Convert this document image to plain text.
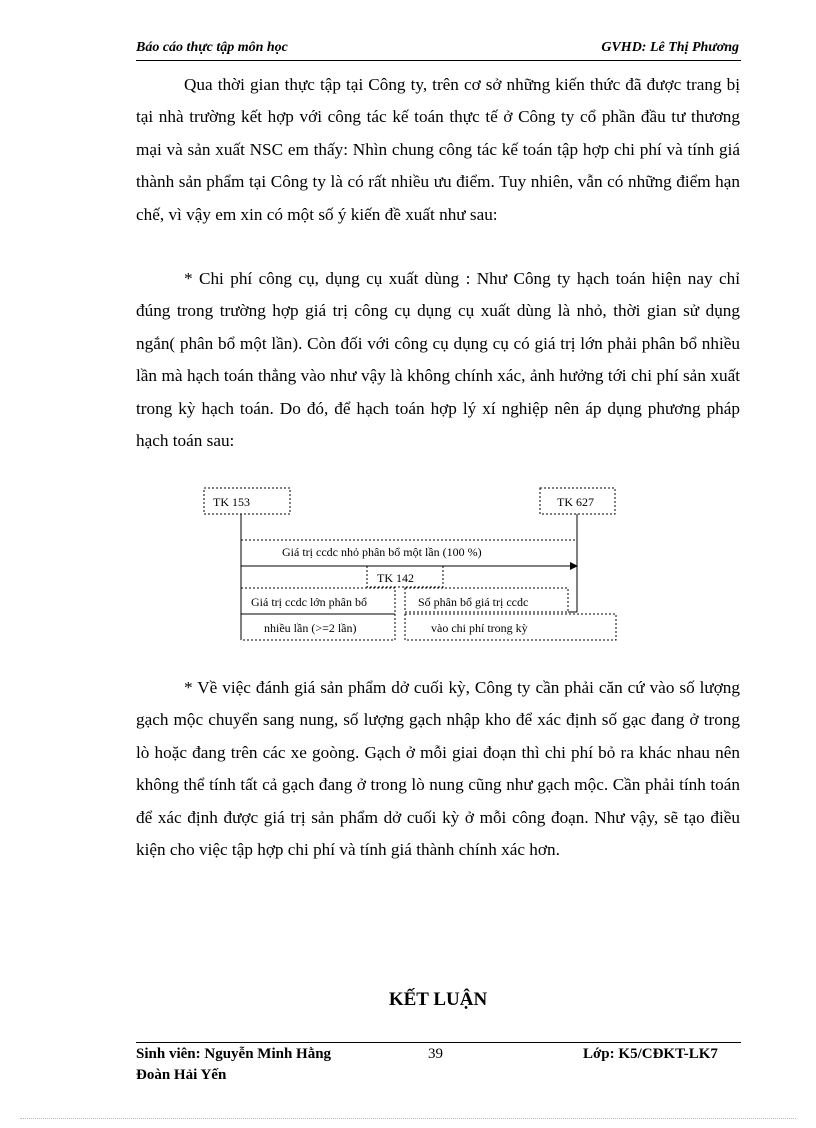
Báo cáo thực tập môn học	GVHD: Lê Thị Phương

Qua thời gian thực tập tại Công ty, trên cơ sở những kiến thức đã được trang bị tại nhà trường kết hợp với công tác kế toán thực tế ở Công ty cổ phần đầu tư thương mại và sản xuất NSC em thấy: Nhìn chung công tác kế toán tập hợp chi phí và tính giá thành sản phẩm tại Công ty là có rất nhiều ưu điểm. Tuy nhiên, vẫn có những điểm hạn chế, vì vậy em xin có một số ý kiến đề xuất như sau:

* Chi phí công cụ, dụng cụ xuất dùng : Như Công ty hạch toán hiện nay chỉ đúng trong trường hợp giá trị công cụ dụng cụ xuất dùng là nhỏ, thời gian sử dụng ngắn( phân bổ một lần). Còn đối với công cụ dụng cụ có giá trị lớn phải phân bổ nhiều lần mà hạch toán thẳng vào như vậy là không chính xác, ảnh hưởng tới chi phí sản xuất trong kỳ hạch toán. Do đó, để hạch toán hợp lý xí nghiệp nên áp dụng phương pháp hạch toán sau:

TK 153	TK 627
Giá trị ccdc nhỏ phân bổ một lần (100 %)
TK 142
Giá trị ccdc lớn phân bổ
nhiều lần (>=2 lần)
Số phân bổ giá trị ccdc
vào chi phí trong kỳ

* Về việc đánh giá sản phẩm dở cuối kỳ, Công ty cần phải căn cứ vào số lượng gạch mộc chuyển sang nung, số lượng gạch nhập kho để xác định số gạc đang ở trong lò hoặc đang trên các xe goòng. Gạch ở mỗi giai đoạn thì chi phí bỏ ra khác nhau nên không thể tính tất cả gạch đang ở trong lò nung cũng như gạch mộc. Cần phải tính toán để xác định được giá trị sản phẩm dở cuối kỳ ở mỗi công đoạn. Như vậy, sẽ tạo điều kiện cho việc tập hợp chi phí và tính giá thành chính xác hơn.

KẾT LUẬN
Sinh viên: Nguyễn Minh Hằng
Đoàn Hải Yến
39	Lớp: K5/CĐKT-LK7
